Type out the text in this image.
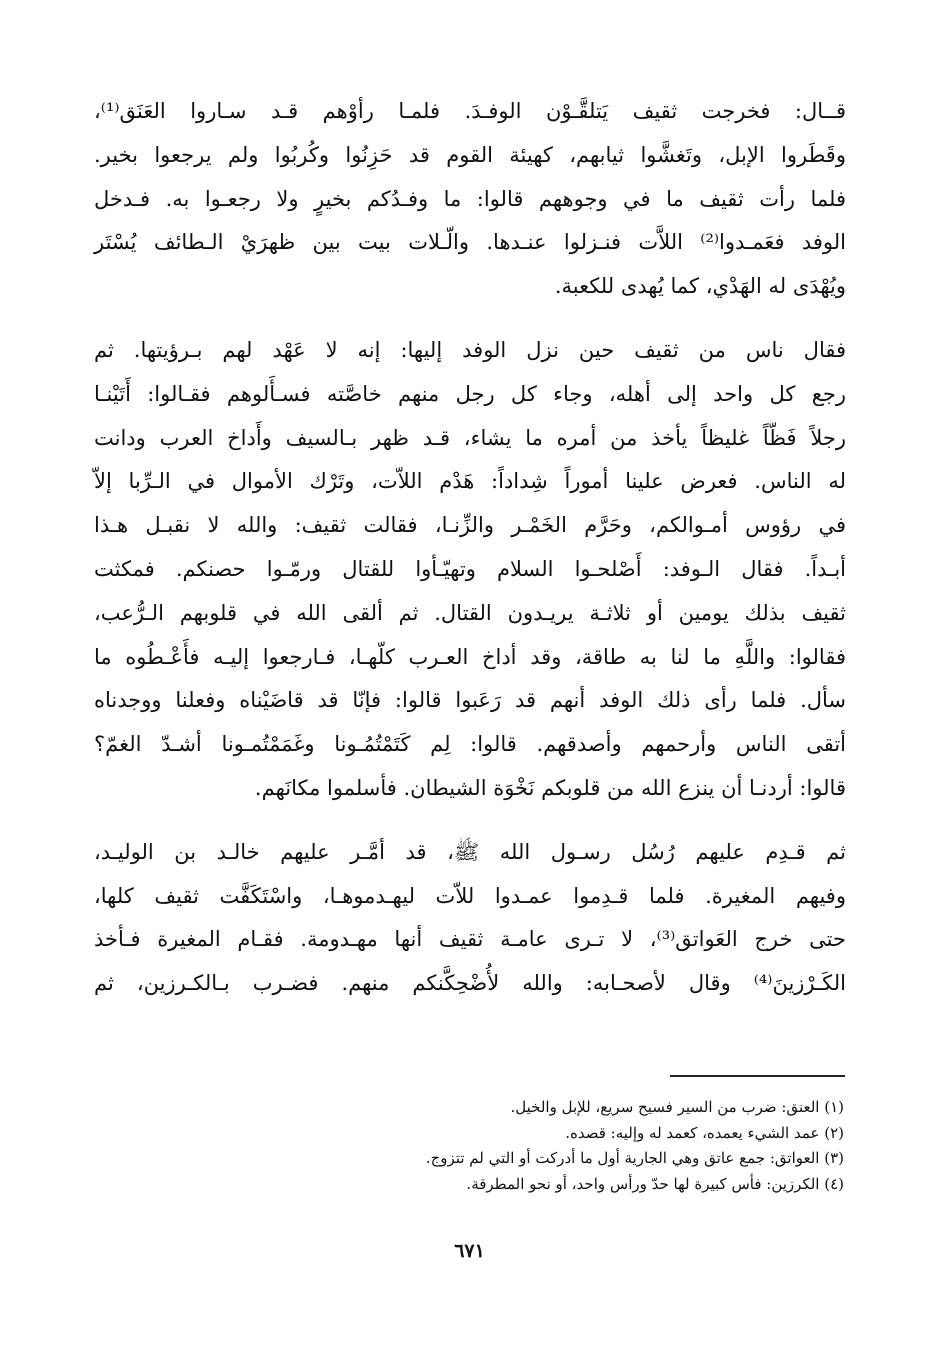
قــال: فخرجت ثقيف يَتلقَّـوْن الوفـدَ. فلمـا رأوْهم قـد سـاروا العَنَق⁽¹⁾،
وقَطَروا الإبل، وتَغشَّوا ثيابهم، كهيئة القوم قد حَزِنُوا وكُربُوا ولم يرجعوا بخير.
فلما رأت ثقيف ما في وجوههم قالوا: ما وفـدُكم بخيرٍ ولا رجعـوا به. فـدخل
الوفد فعَمـدوا⁽²⁾ اللاَّت فنـزلوا عنـدها. والّـلات بيت بين ظهرَيْ الـطائف يُسْتَر
ويُهْدَى له الهَدْي، كما يُهدى للكعبة.
فقال ناس من ثقيف حين نزل الوفد إليها: إنه لا عَهْد لهم بـرؤيتها. ثم
رجع كل واحد إلى أهله، وجاء كل رجل منهم خاصَّته فسـأَلوهم فقـالوا: أَتَيْنـا
رجلاً فَظّاً غليظاً يأخذ من أمره ما يشاء، قـد ظهر بـالسيف وأَداخ العرب ودانت
له الناس. فعرض علينا أموراً شِداداً: هَدْم اللاّت، وتَرْك الأموال في الـرِّبا إلاّ
في رؤوس أمـوالكم، وحَرَّم الخَمْـر والزِّنـا، فقالت ثقيف: والله لا نقبـل هـذا
أبـداً. فقال الـوفد: أَصْلحـوا السلام وتهيّـأوا للقتال ورمّـوا حصنكم. فمكثت
ثقيف بذلك يومين أو ثلاثـة يريـدون القتال. ثم ألقى الله في قلوبهم الـرُّعب،
فقالوا: واللَّهِ ما لنا به طاقة، وقد أداخ العـرب كلّهـا، فـارجعوا إليـه فأَعْـطُوه ما
سأل. فلما رأى ذلك الوفد أنهم قد رَعَبوا قالوا: فإنّا قد قاضَيْناه وفعلنا ووجدناه
أتقى الناس وأرحمهم وأصدقهم. قالوا: لِم كَتَمْتُمُـونا وغَمَمْتُمـونا أشـدّ الغمّ؟
قالوا: أردنـا أن ينزع الله من قلوبكم نَخْوَة الشيطان. فأسلموا مكانَهم.
ثم قـدِم عليهم رُسُل رسـول الله ﷺ، قد أمَّـر عليهم خالـد بن الوليـد،
وفيهم المغيرة. فلما قـدِموا عمـدوا للاّت ليهـدموهـا، واسْتَكَفَّت ثقيف كلها،
حتى خرج العَواتق⁽³⁾، لا تـرى عامـة ثقيف أنها مهـدومة. فقـام المغيرة فـأخذ
الكَـرْزينَ⁽⁴⁾ وقال لأصحـابه: والله لأُضْحِكَّنكم منهم. فضـرب بـالكـرزين، ثم
(١) العنق: ضرب من السير فسيح سريع، للإبل والخيل.
(٢) عمد الشيء يعمده، كعمد له وإليه: قصده.
(٣) العواتق: جمع عاتق وهي الجارية أول ما أدركت أو التي لم تتزوج.
(٤) الكرزين: فأس كبيرة لها حدّ ورأس واحد، أو نحو المطرقة.
٦٧١
